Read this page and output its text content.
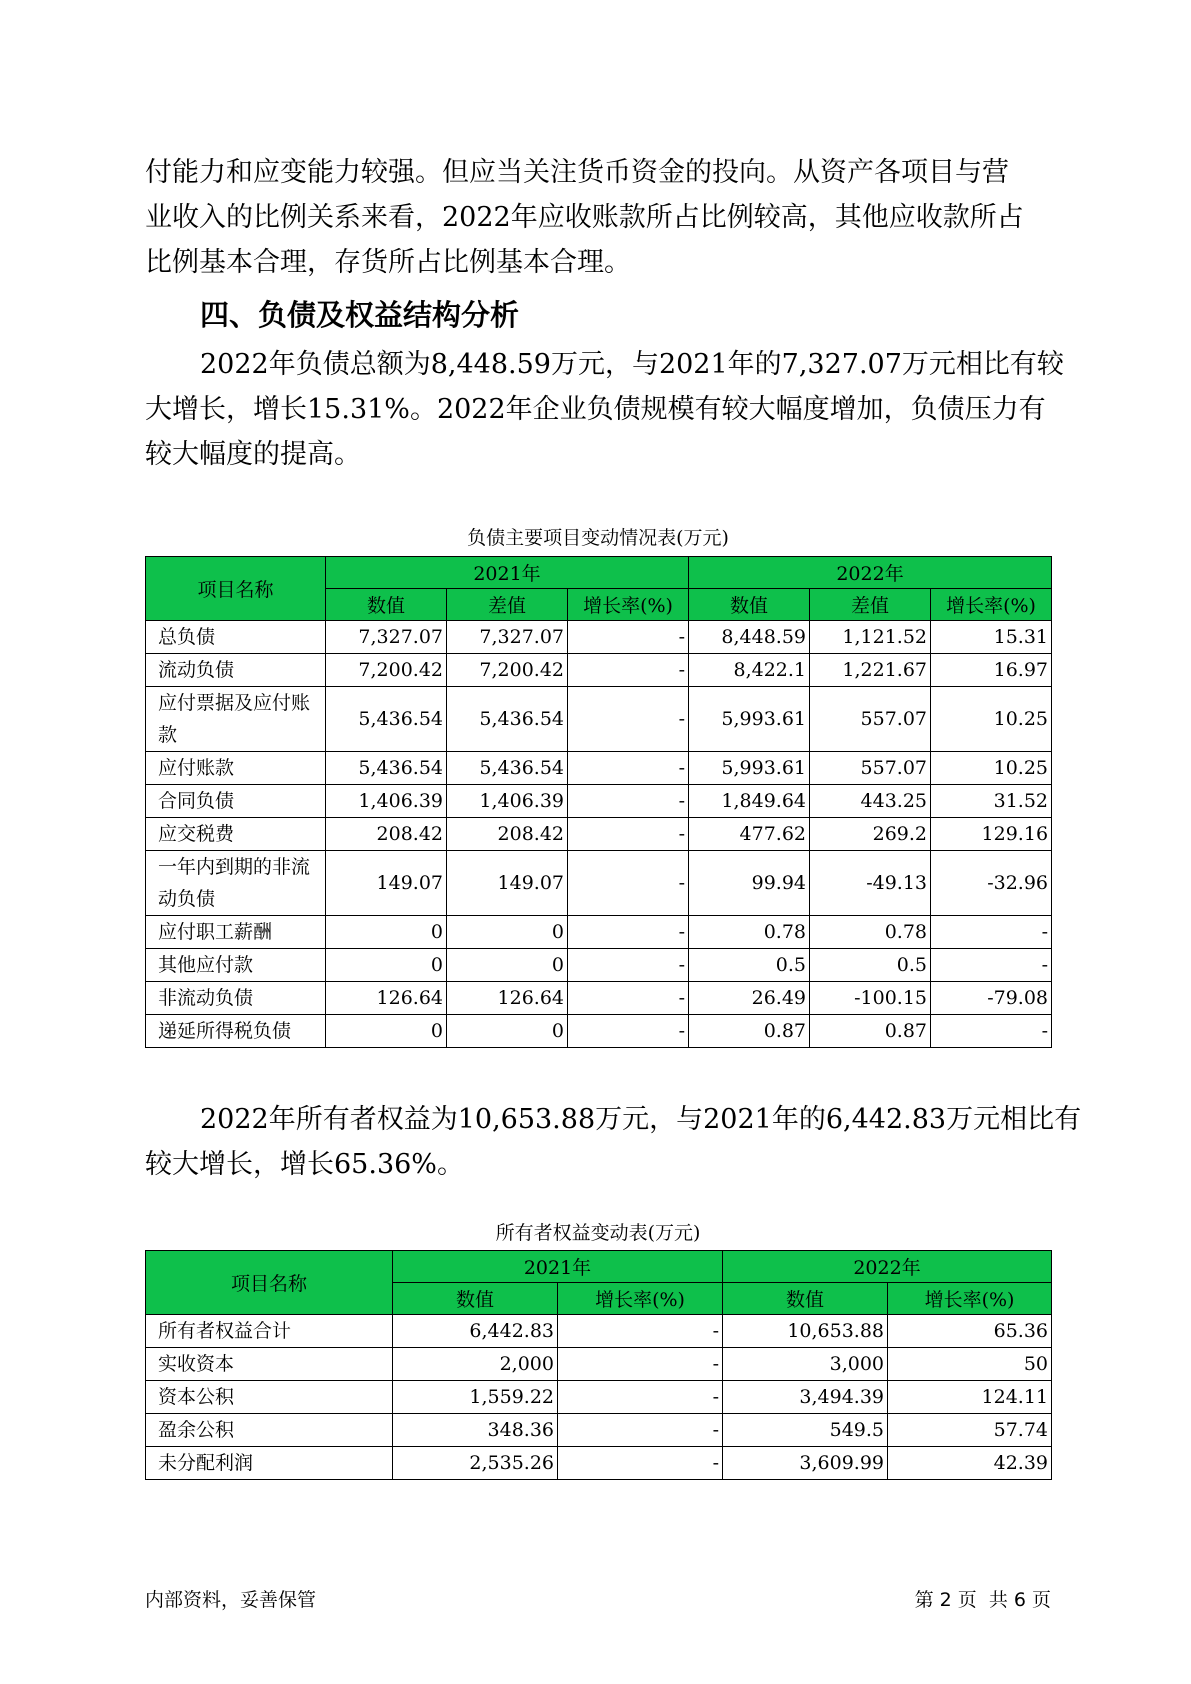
付能力和应变能力较强。但应当关注货币资金的投向。从资产各项目与营
业收入的比例关系来看，2022年应收账款所占比例较高，其他应收款所占
比例基本合理，存货所占比例基本合理。
四、负债及权益结构分析
2022年负债总额为8,448.59万元，与2021年的7,327.07万元相比有较
大增长，增长15.31%。2022年企业负债规模有较大幅度增加，负债压力有
较大幅度的提高。

负债主要项目变动情况表(万元)

项目名称	2021年			2022年		
	数值	差值	增长率(%)	数值	差值	增长率(%)
总负债	7,327.07	7,327.07	-	8,448.59	1,121.52	15.31
流动负债	7,200.42	7,200.42	-	8,422.1	1,221.67	16.97
应付票据及应付账款	5,436.54	5,436.54	-	5,993.61	557.07	10.25
应付账款	5,436.54	5,436.54	-	5,993.61	557.07	10.25
合同负债	1,406.39	1,406.39	-	1,849.64	443.25	31.52
应交税费	208.42	208.42	-	477.62	269.2	129.16
一年内到期的非流动负债	149.07	149.07	-	99.94	-49.13	-32.96
应付职工薪酬	0	0	-	0.78	0.78	-
其他应付款	0	0	-	0.5	0.5	-
非流动负债	126.64	126.64	-	26.49	-100.15	-79.08
递延所得税负债	0	0	-	0.87	0.87	-
2022年所有者权益为10,653.88万元，与2021年的6,442.83万元相比有
较大增长，增长65.36%。

所有者权益变动表(万元)

项目名称	2021年		2022年	
	数值	增长率(%)	数值	增长率(%)
所有者权益合计	6,442.83	-	10,653.88	65.36
实收资本	2,000	-	3,000	50
资本公积	1,559.22	-	3,494.39	124.11
盈余公积	348.36	-	549.5	57.74
未分配利润	2,535.26	-	3,609.99	42.39

内部资料，妥善保管	第 2 页  共 6 页
